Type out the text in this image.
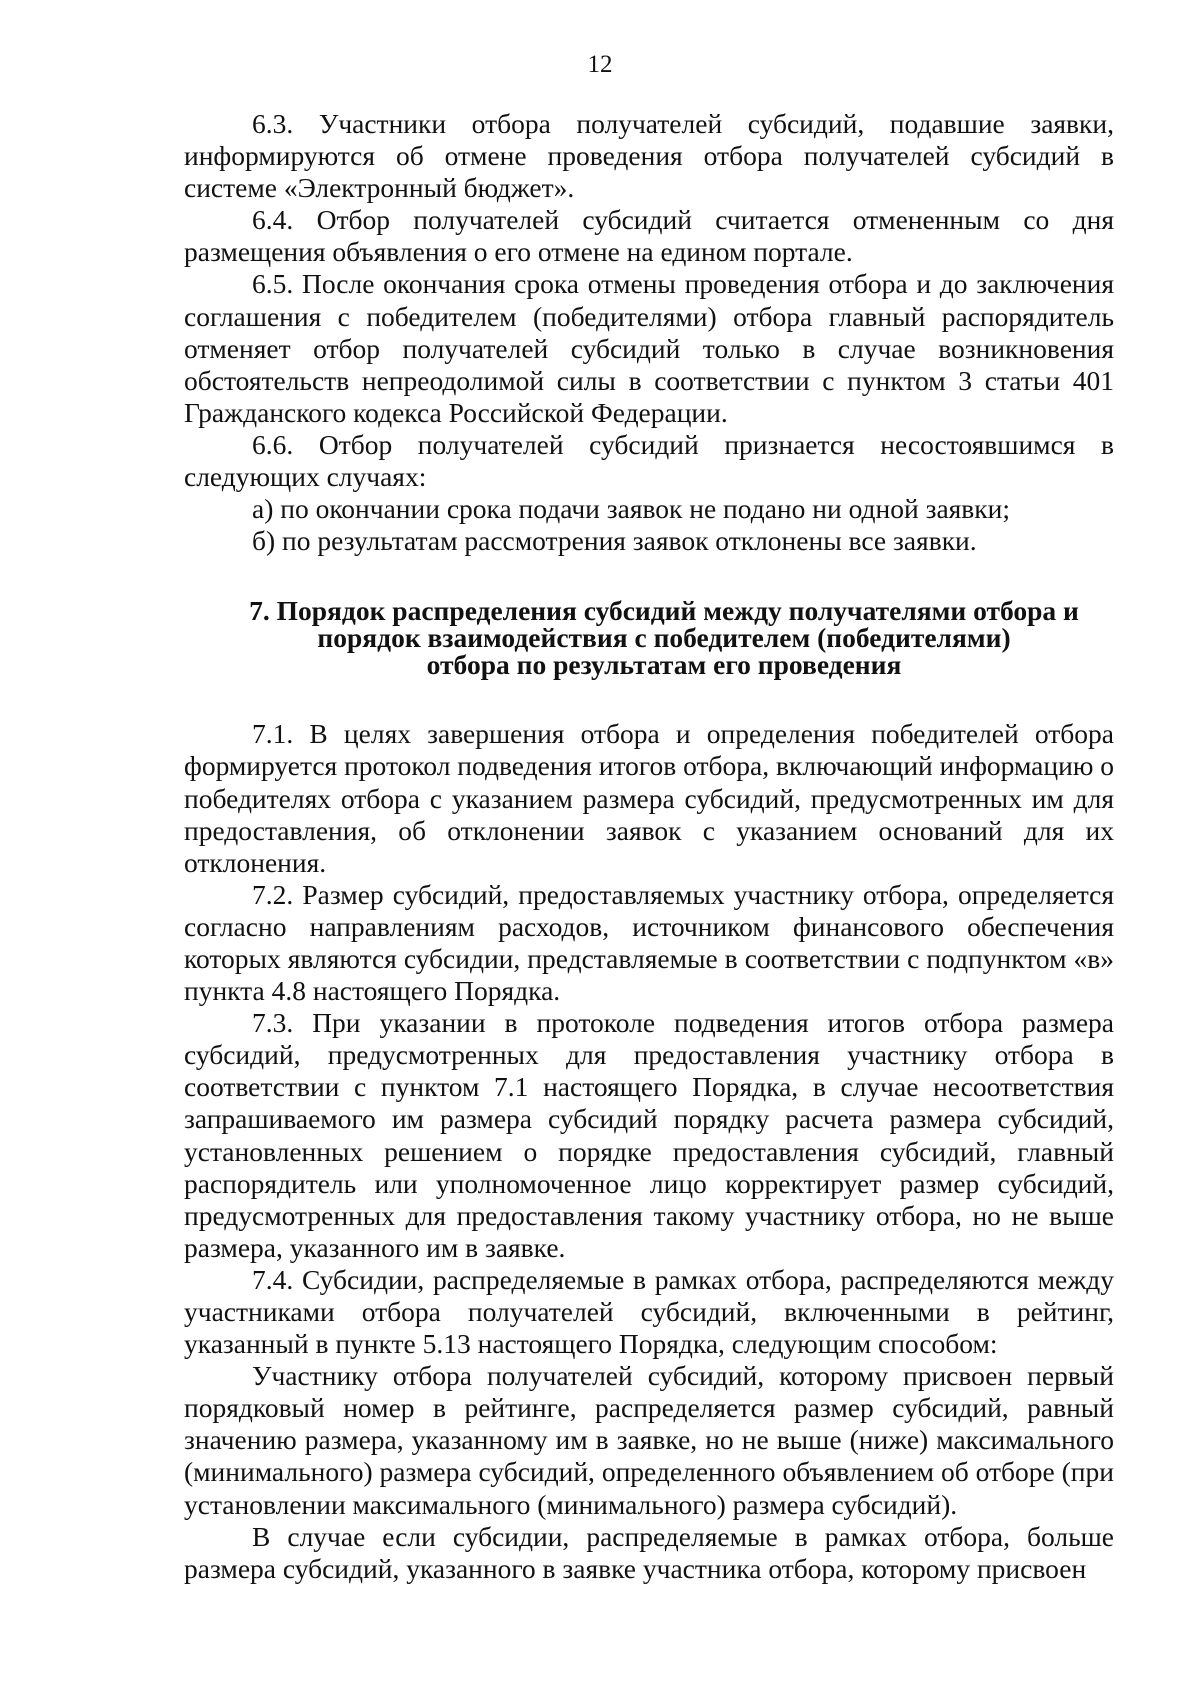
12

6.3. Участники отбора получателей субсидий, подавшие заявки, информируются об отмене проведения отбора получателей субсидий в системе «Электронный бюджет».

6.4. Отбор получателей субсидий считается отмененным со дня размещения объявления о его отмене на едином портале.

6.5. После окончания срока отмены проведения отбора и до заключения соглашения с победителем (победителями) отбора главный распорядитель отменяет отбор получателей субсидий только в случае возникновения обстоятельств непреодолимой силы в соответствии с пунктом 3 статьи 401 Гражданского кодекса Российской Федерации.

6.6. Отбор получателей субсидий признается несостоявшимся в следующих случаях:

а) по окончании срока подачи заявок не подано ни одной заявки;

б) по результатам рассмотрения заявок отклонены все заявки.

7. Порядок распределения субсидий между получателями отбора и
порядок взаимодействия с победителем (победителями)
отбора по результатам его проведения

7.1. В целях завершения отбора и определения победителей отбора формируется протокол подведения итогов отбора, включающий информацию о победителях отбора с указанием размера субсидий, предусмотренных им для предоставления, об отклонении заявок с указанием оснований для их отклонения.

7.2. Размер субсидий, предоставляемых участнику отбора, определяется согласно направлениям расходов, источником финансового обеспечения которых являются субсидии, представляемые в соответствии с подпунктом «в» пункта 4.8 настоящего Порядка.

7.3. При указании в протоколе подведения итогов отбора размера субсидий, предусмотренных для предоставления участнику отбора в соответствии с пунктом 7.1 настоящего Порядка, в случае несоответствия запрашиваемого им размера субсидий порядку расчета размера субсидий, установленных решением о порядке предоставления субсидий, главный распорядитель или уполномоченное лицо корректирует размер субсидий, предусмотренных для предоставления такому участнику отбора, но не выше размера, указанного им в заявке.

7.4. Субсидии, распределяемые в рамках отбора, распределяются между участниками отбора получателей субсидий, включенными в рейтинг, указанный в пункте 5.13 настоящего Порядка, следующим способом:

Участнику отбора получателей субсидий, которому присвоен первый порядковый номер в рейтинге, распределяется размер субсидий, равный значению размера, указанному им в заявке, но не выше (ниже) максимального (минимального) размера субсидий, определенного объявлением об отборе (при установлении максимального (минимального) размера субсидий).

В случае если субсидии, распределяемые в рамках отбора, больше размера субсидий, указанного в заявке участника отбора, которому присвоен
